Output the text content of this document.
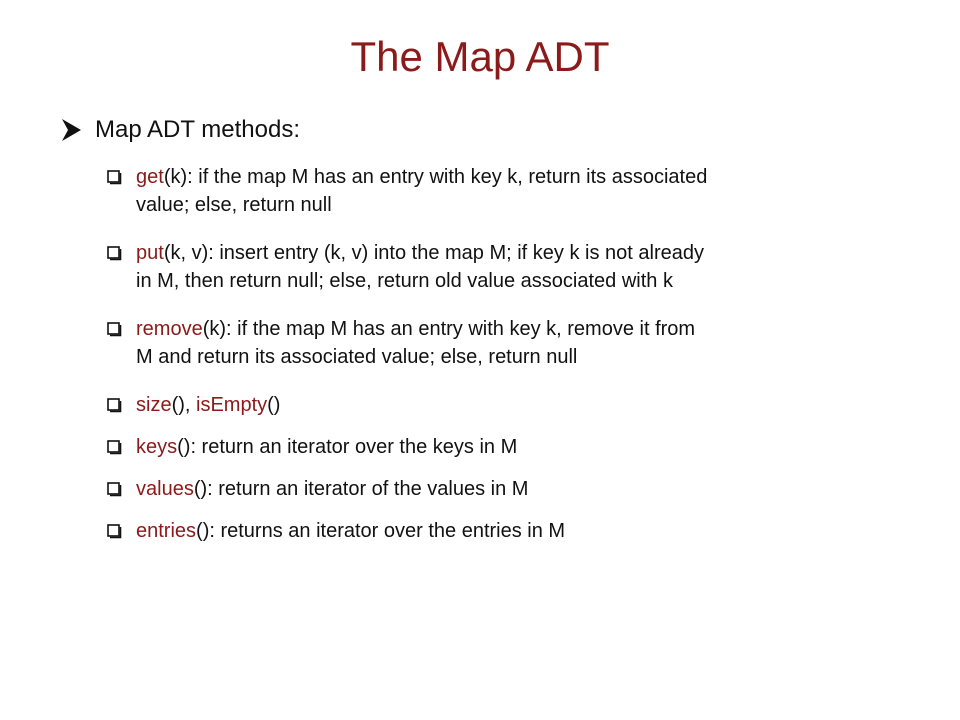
The Map ADT
Map ADT methods:
get(k): if the map M has an entry with key k, return its associated
value; else, return null
put(k, v): insert entry (k, v) into the map M; if key k is not already
in M, then return null; else, return old value associated with k
remove(k): if the map M has an entry with key k, remove it from
M and return its associated value; else, return null
size(), isEmpty()
keys(): return an iterator over the keys in M
values(): return an iterator of the values in M
entries(): returns an iterator over the entries in M
